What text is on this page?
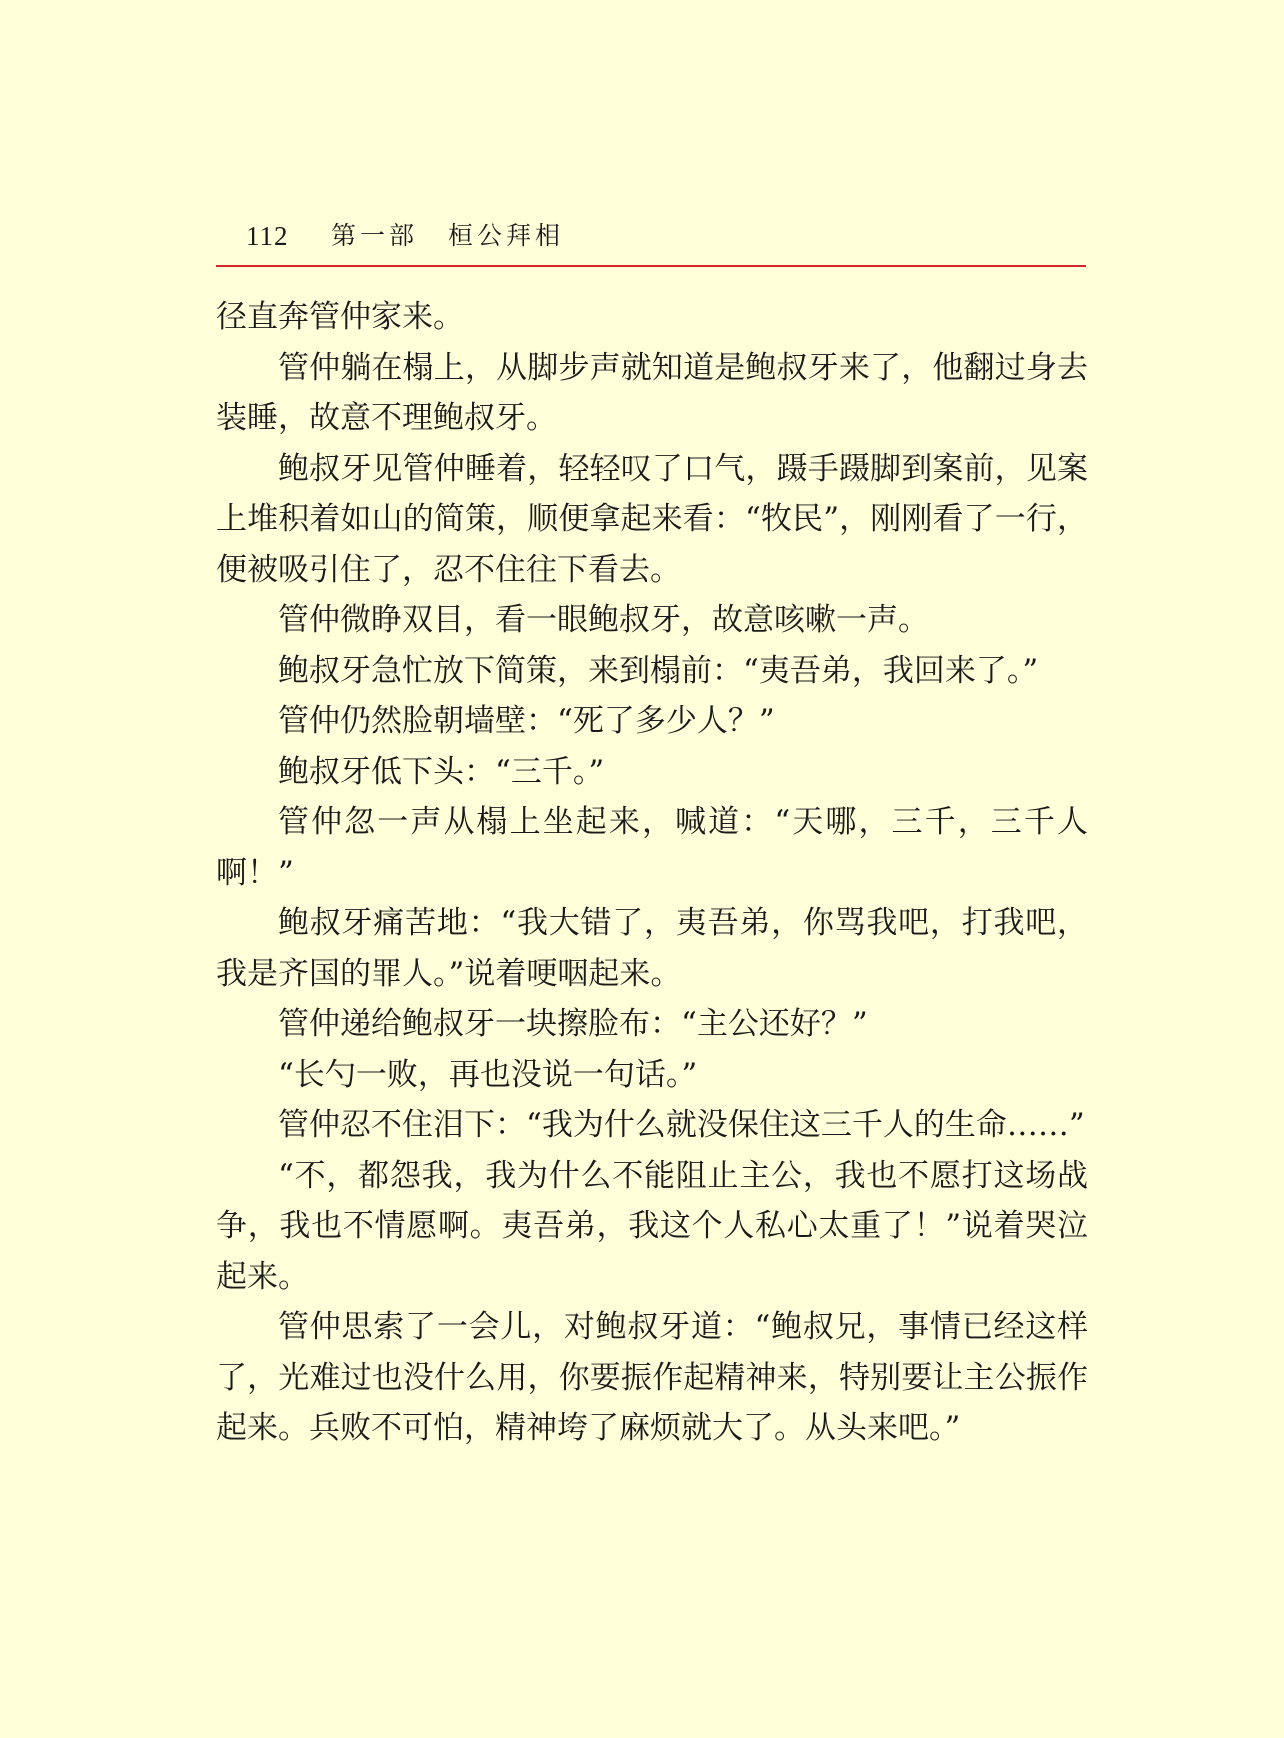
112 第一部 桓公拜相

径直奔管仲家来。

管仲躺在榻上，从脚步声就知道是鲍叔牙来了，他翻过身去装睡，故意不理鲍叔牙。

鲍叔牙见管仲睡着，轻轻叹了口气，蹑手蹑脚到案前，见案上堆积着如山的简策，顺便拿起来看：“牧民”，刚刚看了一行，便被吸引住了，忍不住往下看去。

管仲微睁双目，看一眼鲍叔牙，故意咳嗽一声。

鲍叔牙急忙放下简策，来到榻前：“夷吾弟，我回来了。”

管仲仍然脸朝墙壁：“死了多少人？”

鲍叔牙低下头：“三千。”

管仲忽一声从榻上坐起来，喊道：“天哪，三千，三千人啊！”

鲍叔牙痛苦地：“我大错了，夷吾弟，你骂我吧，打我吧，我是齐国的罪人。”说着哽咽起来。

管仲递给鲍叔牙一块擦脸布：“主公还好？”

“长勺一败，再也没说一句话。”

管仲忍不住泪下：“我为什么就没保住这三千人的生命……”

“不，都怨我，我为什么不能阻止主公，我也不愿打这场战争，我也不情愿啊。夷吾弟，我这个人私心太重了！”说着哭泣起来。

管仲思索了一会儿，对鲍叔牙道：“鲍叔兄，事情已经这样了，光难过也没什么用，你要振作起精神来，特别要让主公振作起来。兵败不可怕，精神垮了麻烦就大了。从头来吧。”
